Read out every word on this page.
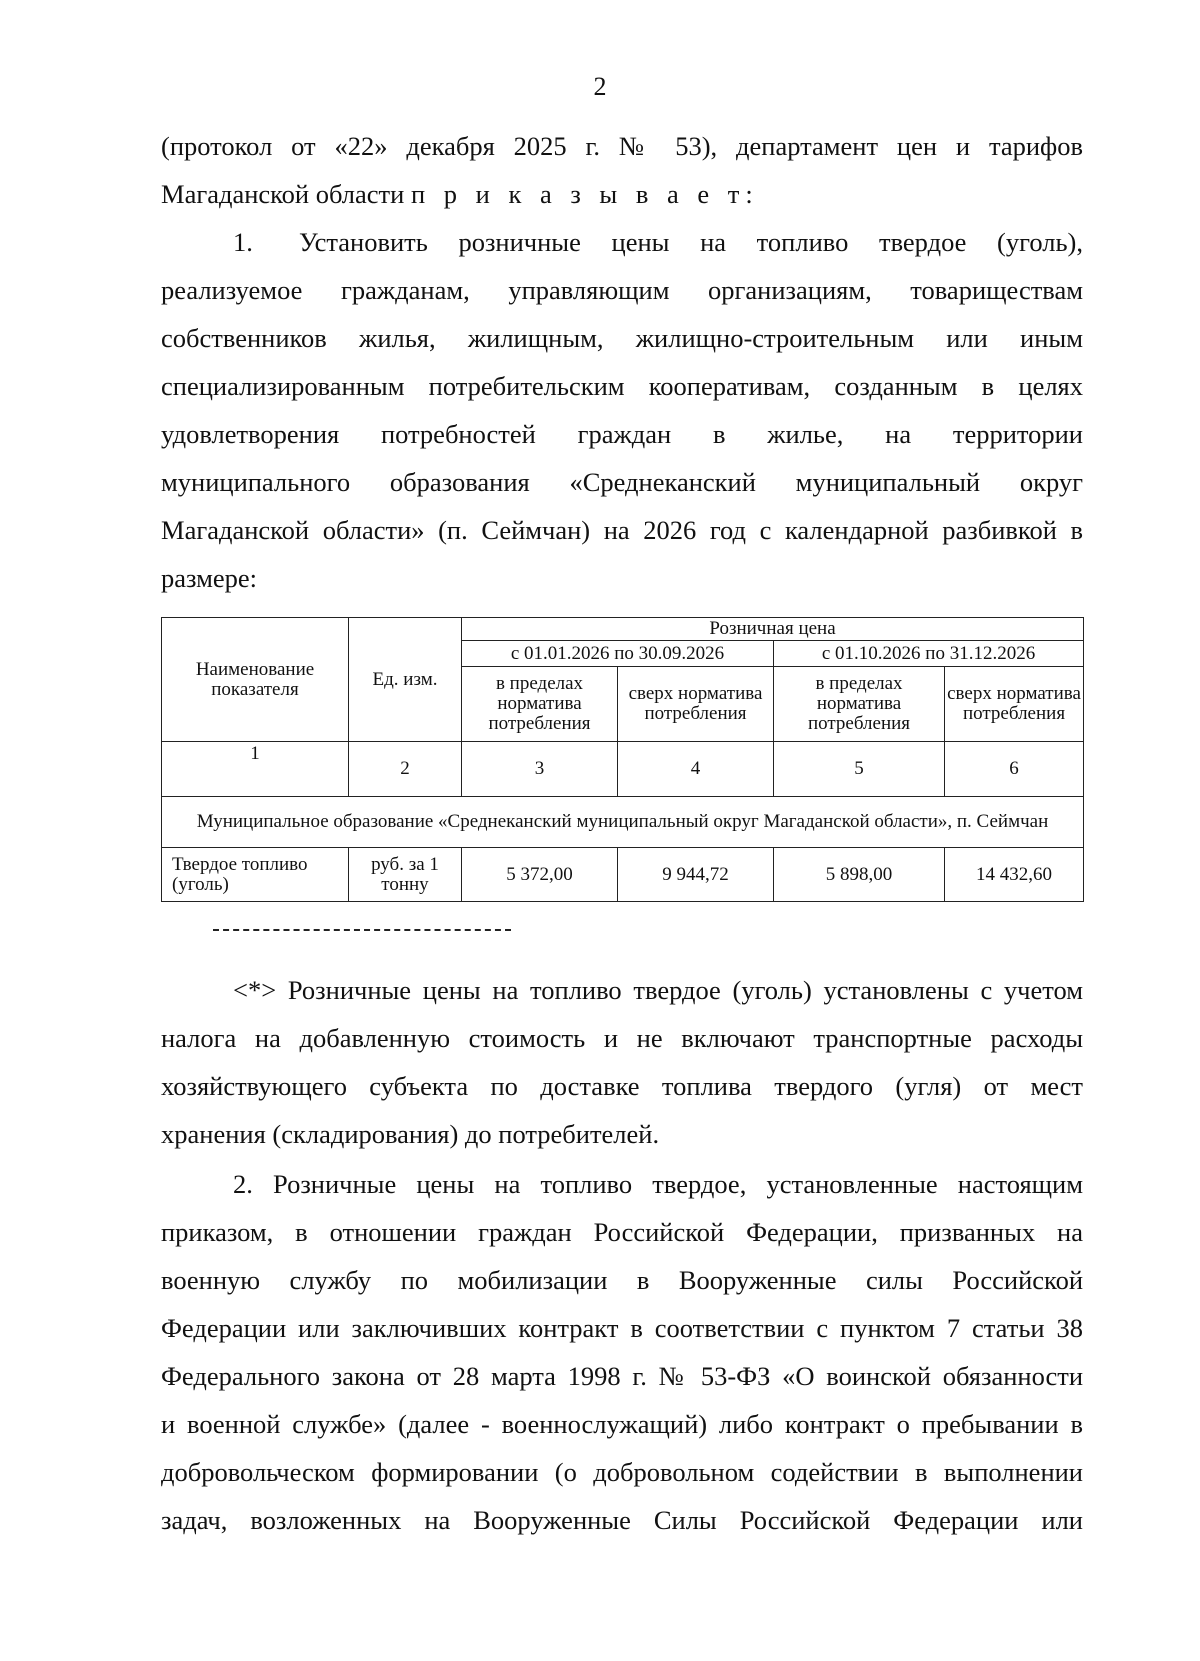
2
(протокол от «22» декабря 2025 г. № 53), департамент цен и тарифов
Магаданской области п р и к а з ы в а е т:
1. Установить розничные цены на топливо твердое (уголь),
реализуемое гражданам, управляющим организациям, товариществам
собственников жилья, жилищным, жилищно-строительным или иным
специализированным потребительским кооперативам, созданным в целях
удовлетворения потребностей граждан в жилье, на территории
муниципального образования «Среднеканский муниципальный округ
Магаданской области» (п. Сеймчан) на 2026 год с календарной разбивкой в
размере:
Наименование показателя	Ед. изм.	Розничная цена			
		с 01.01.2026 по 30.09.2026		с 01.10.2026 по 31.12.2026	
		в пределах норматива потребления	сверх норматива потребления	в пределах норматива потребления	сверх норматива потребления
1	2	3	4	5	6
Муниципальное образование «Среднеканский муниципальный округ Магаданской области», п. Сеймчан					
Твердое топливо (уголь)	руб. за 1 тонну	5 372,00	9 944,72	5 898,00	14 432,60
<*> Розничные цены на топливо твердое (уголь) установлены с учетом
налога на добавленную стоимость и не включают транспортные расходы
хозяйствующего субъекта по доставке топлива твердого (угля) от мест
хранения (складирования) до потребителей.
2. Розничные цены на топливо твердое, установленные настоящим
приказом, в отношении граждан Российской Федерации, призванных на
военную службу по мобилизации в Вооруженные силы Российской
Федерации или заключивших контракт в соответствии с пунктом 7 статьи 38
Федерального закона от 28 марта 1998 г. № 53-ФЗ «О воинской обязанности
и военной службе» (далее - военнослужащий) либо контракт о пребывании в
добровольческом формировании (о добровольном содействии в выполнении
задач, возложенных на Вооруженные Силы Российской Федерации или
